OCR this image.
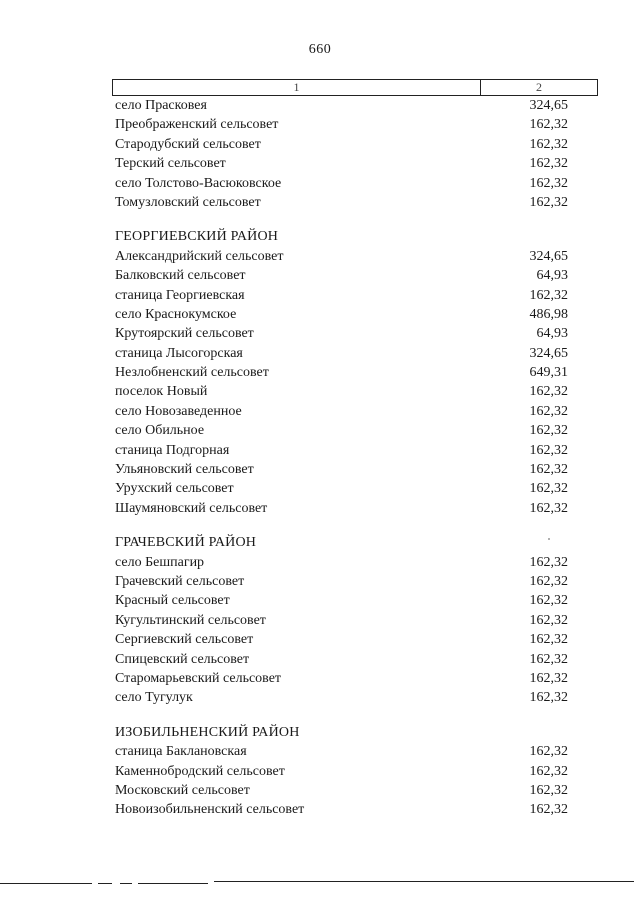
660
1	2
село Прасковея	324,65
Преображенский сельсовет	162,32
Стародубский сельсовет	162,32
Терский сельсовет	162,32
село Толстово-Васюковское	162,32
Томузловский сельсовет	162,32
ГЕОРГИЕВСКИЙ РАЙОН
Александрийский сельсовет	324,65
Балковский сельсовет	64,93
станица Георгиевская	162,32
село Краснокумское	486,98
Крутоярский сельсовет	64,93
станица Лысогорская	324,65
Незлобненский сельсовет	649,31
поселок Новый	162,32
село Новозаведенное	162,32
село Обильное	162,32
станица Подгорная	162,32
Ульяновский сельсовет	162,32
Урухский сельсовет	162,32
Шаумяновский сельсовет	162,32
ГРАЧЕВСКИЙ РАЙОН
село Бешпагир	162,32
Грачевский сельсовет	162,32
Красный сельсовет	162,32
Кугультинский сельсовет	162,32
Сергиевский сельсовет	162,32
Спицевский сельсовет	162,32
Старомарьевский сельсовет	162,32
село Тугулук	162,32
ИЗОБИЛЬНЕНСКИЙ РАЙОН
станица Баклановская	162,32
Каменнобродский сельсовет	162,32
Московский сельсовет	162,32
Новоизобильненский сельсовет	162,32
